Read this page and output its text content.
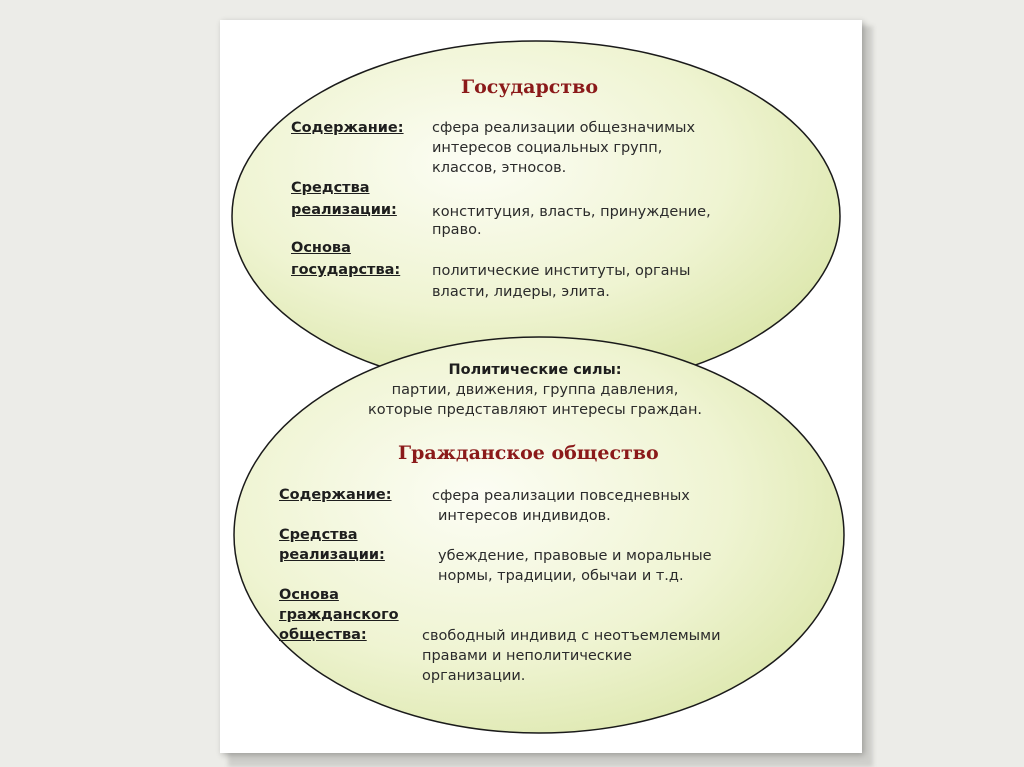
Государство
Содержание: сфера реализации общезначимых
интересов социальных групп,
классов, этносов.
Средства
реализации: конституция, власть, принуждение,
право.
Основа
государства: политические институты, органы
власти, лидеры, элита.
Политические силы:
партии, движения, группа давления,
которые представляют интересы граждан.
Гражданское общество
Содержание:	сфера реализации повседневных
интересов индивидов.
Средства
реализации:	убеждение, правовые и моральные
нормы, традиции, обычаи и т.д.
Основа
гражданского
общества:	свободный индивид с неотъемлемыми
правами и неполитические
организации.
